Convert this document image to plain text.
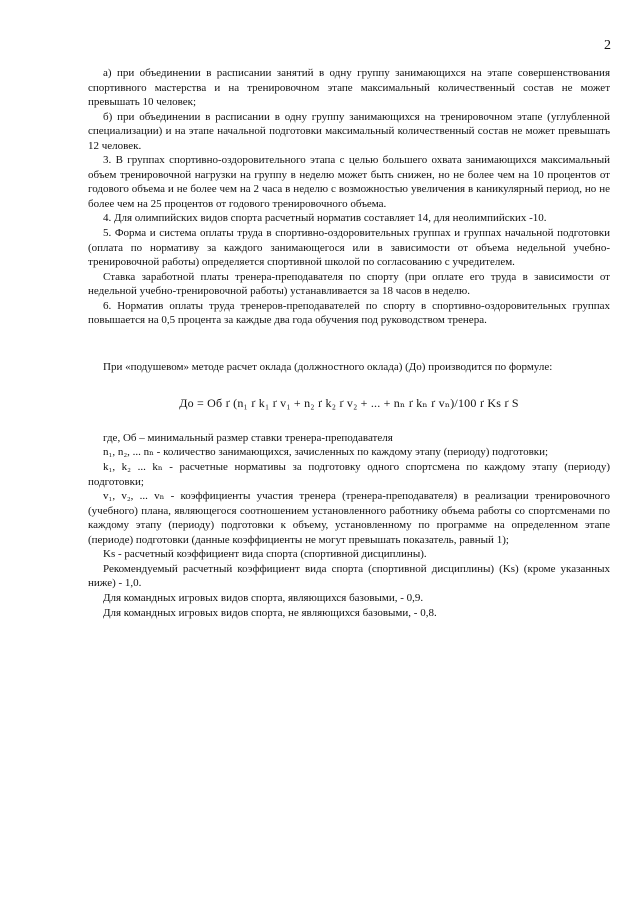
2

а) при объединении в расписании занятий в одну группу занимающихся на этапе совершенствования спортивного мастерства и на тренировочном этапе максимальный количественный состав не может превышать 10 человек;

б) при объединении в расписании в одну группу занимающихся на тренировочном этапе (углубленной специализации) и на этапе начальной подготовки максимальный количественный состав не может превышать 12 человек.

3. В группах спортивно-оздоровительного этапа с целью большего охвата занимающихся максимальный объем тренировочной нагрузки на группу в неделю может быть снижен, но не более чем на 10 процентов от годового объема и не более чем на 2 часа в неделю с возможностью увеличения в каникулярный период, но не более чем на 25 процентов от годового тренировочного объема.

4. Для олимпийских видов спорта расчетный норматив составляет 14, для неолимпийских -10.

5. Форма и система оплаты труда в спортивно-оздоровительных группах и группах начальной подготовки (оплата по нормативу за каждого занимающегося или в зависимости от объема недельной учебно-тренировочной работы) определяется спортивной школой по согласованию с учредителем.

Ставка заработной платы тренера-преподавателя по спорту (при оплате его труда в зависимости от недельной учебно-тренировочной работы) устанавливается за 18 часов в неделю.

6. Норматив оплаты труда тренеров-преподавателей по спорту в спортивно-оздоровительных группах повышается на 0,5 процента за каждые два года обучения под руководством тренера.

При «подушевом» методе расчет оклада (должностного оклада) (До) производится по формуле:

До = Об ґ (n₁ ґ k₁ ґ v₁ + n₂ ґ k₂ ґ v₂ + ... + nₙ ґ kₙ ґ vₙ)/100 ґ Ks ґ S

где, Об – минимальный размер ставки тренера-преподавателя

n₁, n₂, ... nₙ - количество занимающихся, зачисленных по каждому этапу (периоду) подготовки;

k₁, k₂ ... kₙ - расчетные нормативы за подготовку одного спортсмена по каждому этапу (периоду) подготовки;

v₁, v₂, ... vₙ - коэффициенты участия тренера (тренера-преподавателя) в реализации тренировочного (учебного) плана, являющегося соотношением установленного работнику объема работы со спортсменами по каждому этапу (периоду) подготовки к объему, установленному по программе на определенном этапе (периоде) подготовки (данные коэффициенты не могут превышать показатель, равный 1);

Ks - расчетный коэффициент вида спорта (спортивной дисциплины).

Рекомендуемый расчетный коэффициент вида спорта (спортивной дисциплины) (Ks) (кроме указанных ниже) - 1,0.

Для командных игровых видов спорта, являющихся базовыми, - 0,9.

Для командных игровых видов спорта, не являющихся базовыми, - 0,8.
